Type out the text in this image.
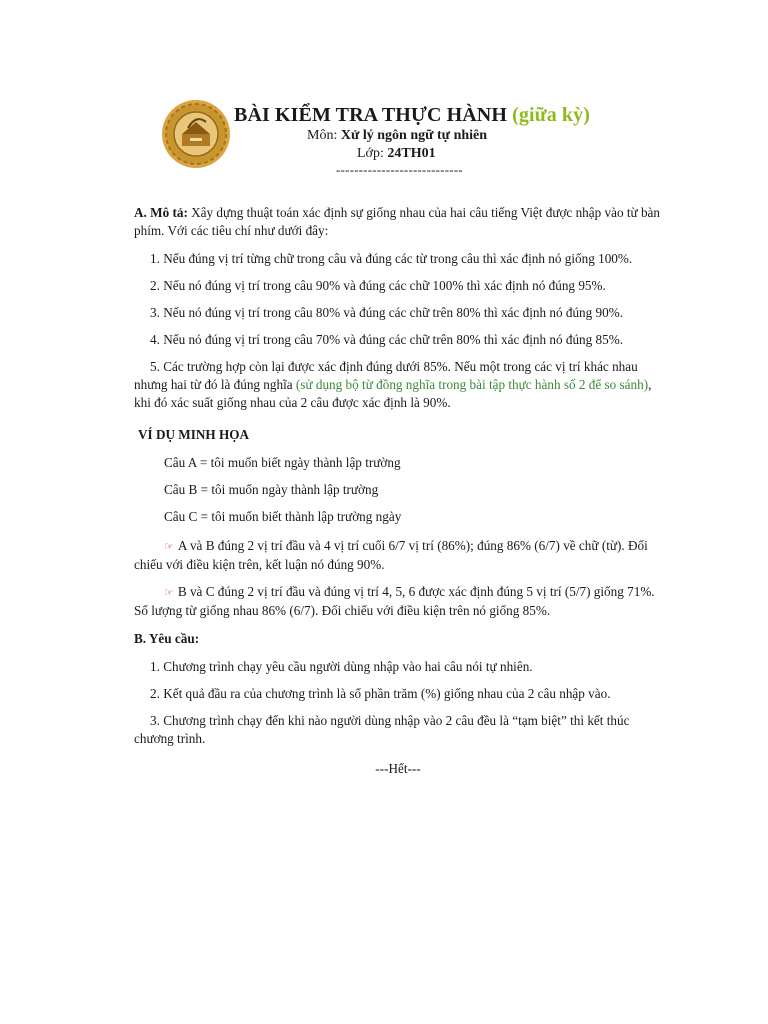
BÀI KIỂM TRA THỰC HÀNH (giữa kỳ)
Môn: Xử lý ngôn ngữ tự nhiên
Lớp: 24TH01
----------------------------

A. Mô tả: Xây dựng thuật toán xác định sự giống nhau của hai câu tiếng Việt được nhập vào từ bàn phím. Với các tiêu chí như dưới đây:

1. Nếu đúng vị trí từng chữ trong câu và đúng các từ trong câu thì xác định nó giống 100%.

2. Nếu nó đúng vị trí trong câu 90% và đúng các chữ 100% thì xác định nó đúng 95%.

3. Nếu nó đúng vị trí trong câu 80% và đúng các chữ trên 80% thì xác định nó đúng 90%.

4. Nếu nó đúng vị trí trong câu 70% và đúng các chữ trên 80% thì xác định nó đúng 85%.

5. Các trường hợp còn lại được xác định đúng dưới 85%. Nếu một trong các vị trí khác nhau nhưng hai từ đó là đúng nghĩa (sử dụng bộ từ đồng nghĩa trong bài tập thực hành số 2 để so sánh), khi đó xác suất giống nhau của 2 câu được xác định là 90%.

VÍ DỤ MINH HỌA

Câu A = tôi muốn biết ngày thành lập trường

Câu B = tôi muốn ngày thành lập trường

Câu C = tôi muốn biết thành lập trường ngày

☞ A và B đúng 2 vị trí đầu và 4 vị trí cuối 6/7 vị trí (86%); đúng 86% (6/7) về chữ (từ). Đối chiếu với điều kiện trên, kết luận nó đúng 90%.

☞ B và C đúng 2 vị trí đầu và đúng vị trí 4, 5, 6 được xác định đúng 5 vị trí (5/7) giống 71%. Số lượng từ giống nhau 86% (6/7). Đối chiếu với điều kiện trên nó giống 85%.

B. Yêu cầu:

1. Chương trình chạy yêu cầu người dùng nhập vào hai câu nói tự nhiên.

2. Kết quả đầu ra của chương trình là số phần trăm (%) giống nhau của 2 câu nhập vào.

3. Chương trình chạy đến khi nào người dùng nhập vào 2 câu đều là “tạm biệt” thì kết thúc chương trình.

---Hết---
